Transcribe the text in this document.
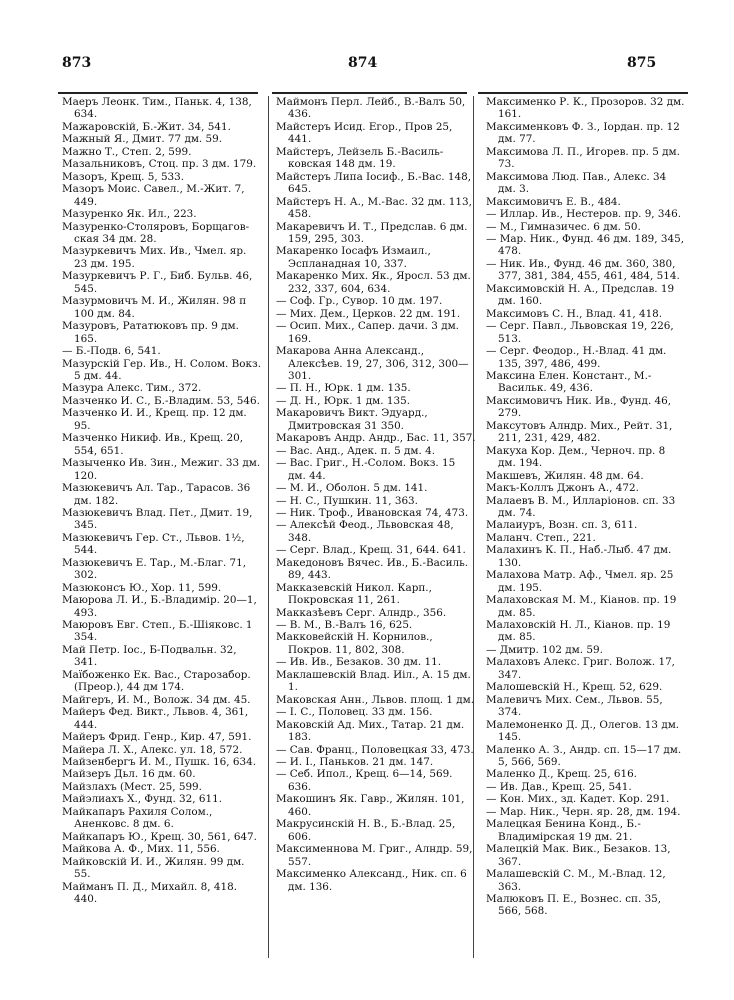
873	874	875

Маеръ Леонк. Тим., Паньк. 4, 138, 634.

Мажаровскій, Б.-Жит. 34, 541.

Мажный Я., Дмит. 77 дм. 59.

Мажно Т., Степ. 2, 599.

Мазальниковъ, Стоц. пр. 3 дм. 179.

Мазоръ, Крещ. 5, 533.

Мазоръ Моис. Савел., М.-Жит. 7, 449.

Мазуренко Як. Ил., 223.

Мазуренко-Столяровъ, Борщаговская 34 дм. 28.

Мазуркевичъ Мих. Ив., Чмел. яр. 23 дм. 195.

Мазуркевичъ Р. Г., Биб. Бульв. 46, 545.

Мазурмовичъ М. И., Жилян. 98 п 100 дм. 84.

Мазуровъ, Рататюковъ пр. 9 дм. 165.

— Б.-Подв. 6, 541.

Мазурскій Гер. Ив., Н. Солом. Вокз. 5 дм. 44.

Мазура Алекс. Тим., 372.

Мазченко И. С., Б.-Владим. 53, 546.

Мазченко И. И., Крещ. пр. 12 дм. 95.

Мазченко Никиф. Ив., Крещ. 20, 554, 651.

Мазыченко Ив. Зин., Межиг. 33 дм. 120.

Мазюкевичъ Ал. Тар., Тарасов. 36 дм. 182.

Мазюкевичъ Влад. Пет., Дмит. 19, 345.

Мазюкевичъ Гер. Ст., Львов. 1½, 544.

Мазюкевичъ Е. Тар., М.-Благ. 71, 302.

Мазюконсъ Ю., Хор. 11, 599.

Маюрова Л. И., Б.-Владимір. 20—1, 493.

Маюровъ Евг. Степ., Б.-Шіяковс. 1 354.

Май Петр. Іос., Б-Подвальн. 32, 341.

Маїбоженко Ек. Вас., Старозабор. (Преор.), 44 дм 174.

Майгеръ, И. М., Волож. 34 дм. 45.

Майеръ Фед. Викт., Львов. 4, 361, 444.

Майеръ Фрид. Генр., Кир. 47, 591.

Майера Л. Х., Алекс. ул. 18, 572.

Майзенбергъ И. М., Пушк. 16, 634.

Майзеръ Дьл. 16 дм. 60.

Майзлахъ (Мест. 25, 599.

Майэлиахъ Х., Фунд. 32, 611.

Майкапаръ Рахиля Солом., Аненковс. 8 дм. 6.

Майкапаръ Ю., Крещ. 30, 561, 647.

Майкова А. Ф., Мих. 11, 556.

Майковскій И. И., Жилян. 99 дм. 55.

Майманъ П. Д., Михайл. 8, 418. 440.

Маймонъ Перл. Лейб., В.-Валъ 50, 436.

Майстеръ Исид. Егор., Пров 25, 441.

Майстеръ, Лейзель Б.-Васильковская 148 дм. 19.

Майстеръ Липа Іосиф., Б.-Вас. 148, 645.

Майстеръ Н. А., М.-Вас. 32 дм. 113, 458.

Макаревичъ И. Т., Предслав. 6 дм. 159, 295, 303.

Макаренко Іосафъ Измаил., Эспланадная 10, 337.

Макаренко Мих. Як., Яросл. 53 дм. 232, 337, 604, 634.

— Соф. Гр., Сувор. 10 дм. 197.

— Мих. Дем., Церков. 22 дм. 191.

— Осип. Мих., Сапер. дачи. 3 дм. 169.

Макарова Анна Александ., Алексѣев. 19, 27, 306, 312, 300—301.

— П. Н., Юрк. 1 дм. 135.

— Д. Н., Юрк. 1 дм. 135.

Макаровичъ Викт. Эдуард., Дмитровская 31 350.

Макаровъ Андр. Андр., Бас. 11, 357.

— Вас. Анд., Адек. п. 5 дм. 4.

— Вас. Григ., Н.-Солом. Вокз. 15 дм. 44.

— М. И., Оболон. 5 дм. 141.

— Н. С., Пушкин. 11, 363.

— Ник. Троф., Ивановская 74, 473.

— Алексѣй Феод., Львовская 48, 348.

— Серг. Влад., Крещ. 31, 644. 641.

Македоновъ Вячес. Ив., Б.-Василь. 89, 443.

Макказевскій Никол. Карп., Покровская 11, 261.

Макказѣевъ Серг. Алндр., 356.

— В. М., В.-Валъ 16, 625.

Макковейскій Н. Корнилов., Покров. 11, 802, 308.

— Ив. Ив., Безаков. 30 дм. 11.

Маклашевскій Влад. Иіл., А. 15 дм. 1.

Маковская Анн., Львов. площ. 1 дм.

— І. С., Половец. 33 дм. 156.

Маковскій Ад. Мих., Татар. 21 дм. 183.

— Сав. Франц., Половецкая 33, 473.

— И. І., Паньков. 21 дм. 147.

— Себ. Ипол., Крещ. 6—14, 569. 636.

Макошинъ Як. Гавр., Жилян. 101, 460.

Макрусинскій Н. В., Б.-Влад. 25, 606.

Максименнова М. Григ., Алндр. 59, 557.

Максименко Александ., Ник. сп. 6 дм. 136.

Максименко Р. К., Прозоров. 32 дм. 161.

Максименковъ Ф. З., Іордан. пр. 12 дм. 77.

Максимова Л. П., Игорев. пр. 5 дм. 73.

Максимова Люд. Пав., Алекс. 34 дм. 3.

Максимовичъ Е. В., 484.

— Иллар. Ив., Нестеров. пр. 9, 346.

— М., Гимназичес. 6 дм. 50.

— Мар. Ник., Фунд. 46 дм. 189, 345, 478.

— Ник. Ив., Фунд. 46 дм. 360, 380, 377, 381, 384, 455, 461, 484, 514.

Максимовскій Н. А., Предслав. 19 дм. 160.

Максимовъ С. Н., Влад. 41, 418.

— Серг. Павл., Львовская 19, 226, 513.

— Серг. Феодор., Н.-Влад. 41 дм. 135, 397, 486, 499.

Максина Елен. Констант., М.-Васильк. 49, 436.

Максимовичъ Ник. Ив., Фунд. 46, 279.

Максутовъ Алндр. Мих., Рейт. 31, 211, 231, 429, 482.

Макуха Кор. Дем., Черноч. пр. 8 дм. 194.

Макшевъ, Жилян. 48 дм. 64.

Макъ-Коллъ Джонъ А., 472.

Малаевъ В. М., Илларіонов. сп. 33 дм. 74.

Малаиуръ, Возн. сп. 3, 611.

Маланч. Степ., 221.

Малахинъ К. П., Наб.-Лыб. 47 дм. 130.

Малахова Матр. Аф., Чмел. яр. 25 дм. 195.

Малаховская М. М., Кіанов. пр. 19 дм. 85.

Малаховскій Н. Л., Кіанов. пр. 19 дм. 85.

— Дмитр. 102 дм. 59.

Малаховъ Алекс. Григ. Волож. 17, 347.

Малошевскій Н., Крещ. 52, 629.

Малевичъ Мих. Сем., Львов. 55, 374.

Малемоненко Д. Д., Олегов. 13 дм. 145.

Маленко А. З., Андр. сп. 15—17 дм. 5, 566, 569.

Маленко Д., Крещ. 25, 616.

— Ив. Дав., Крещ. 25, 541.

— Кон. Мих., зд. Кадет. Кор. 291.

— Мар. Ник., Черн. яр. 28, дм. 194.

Малецкая Бенина Конд., Б.-Владимірская 19 дм. 21.

Малецкій Мак. Вик., Безаков. 13, 367.

Малашевскій С. М., М.-Влад. 12, 363.

Малюковъ П. Е., Вознес. сп. 35, 566, 568.
